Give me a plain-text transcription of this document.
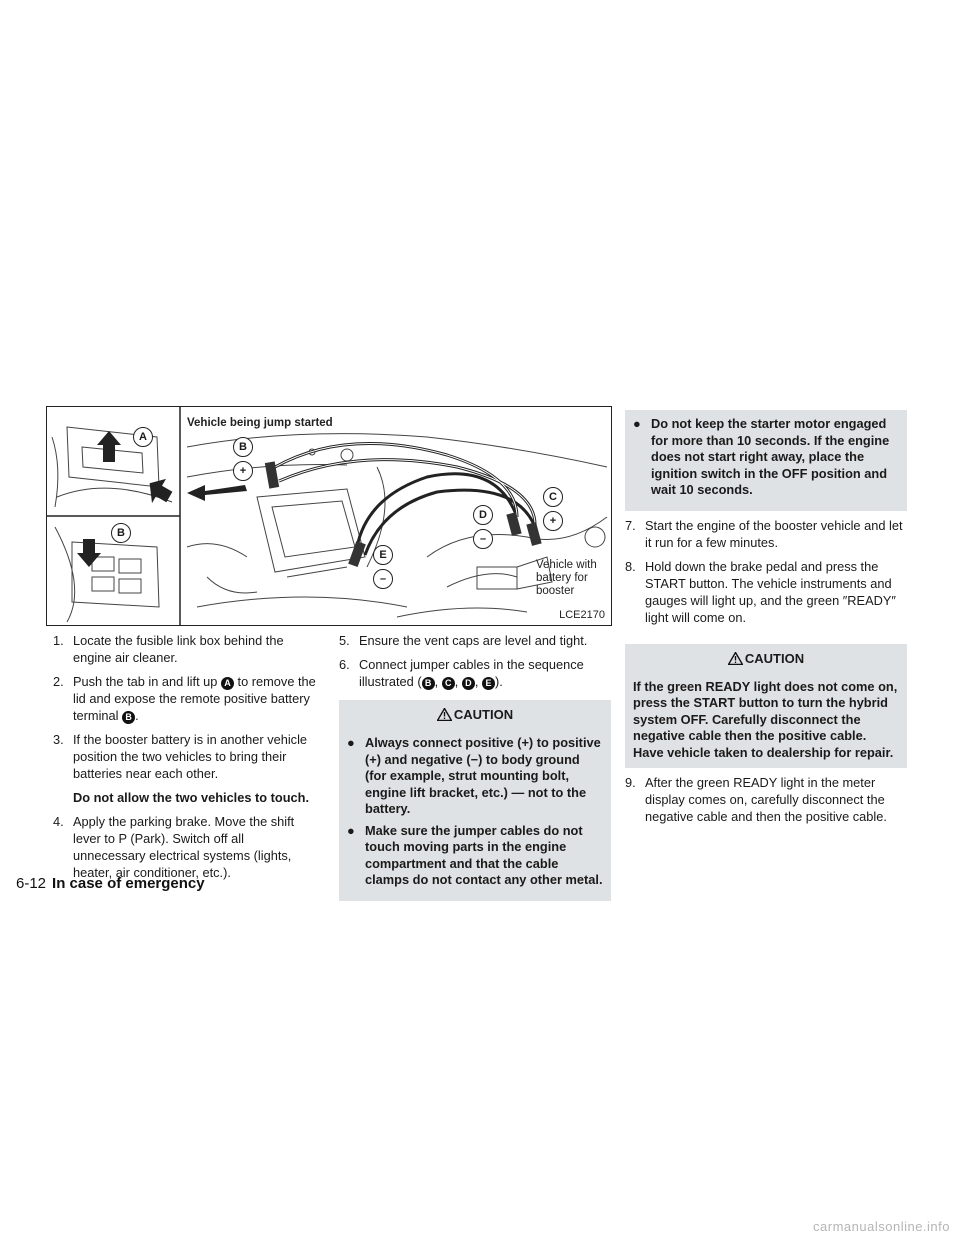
Vehicle being jump started
Vehicle with battery for booster
LCE2170
A
B
B
+
C
+
D
–
E
–
1. Locate the fusible link box behind the engine air cleaner.
2. Push the tab in and lift up A to remove the lid and expose the remote positive battery terminal B .
3. If the booster battery is in another vehicle position the two vehicles to bring their batteries near each other.
Do not allow the two vehicles to touch.
4. Apply the parking brake. Move the shift lever to P (Park). Switch off all unnecessary electrical systems (lights, heater, air conditioner, etc.).
5. Ensure the vent caps are level and tight.
6. Connect jumper cables in the sequence illustrated ( B , C , D , E ).
CAUTION
● Always connect positive (+) to positive (+) and negative (−) to body ground (for example, strut mounting bolt, engine lift bracket, etc.) — not to the battery.
● Make sure the jumper cables do not touch moving parts in the engine compartment and that the cable clamps do not contact any other metal.
● Do not keep the starter motor engaged for more than 10 seconds. If the engine does not start right away, place the ignition switch in the OFF position and wait 10 seconds.
7. Start the engine of the booster vehicle and let it run for a few minutes.
8. Hold down the brake pedal and press the START button. The vehicle instruments and gauges will light up, and the green ″READY″ light will come on.
CAUTION
If the green READY light does not come on, press the START button to turn the hybrid system OFF. Carefully disconnect the negative cable then the positive cable. Have vehicle taken to dealership for repair.
9. After the green READY light in the meter display comes on, carefully disconnect the negative cable and then the positive cable.
6-12 In case of emergency
carmanualsonline.info
